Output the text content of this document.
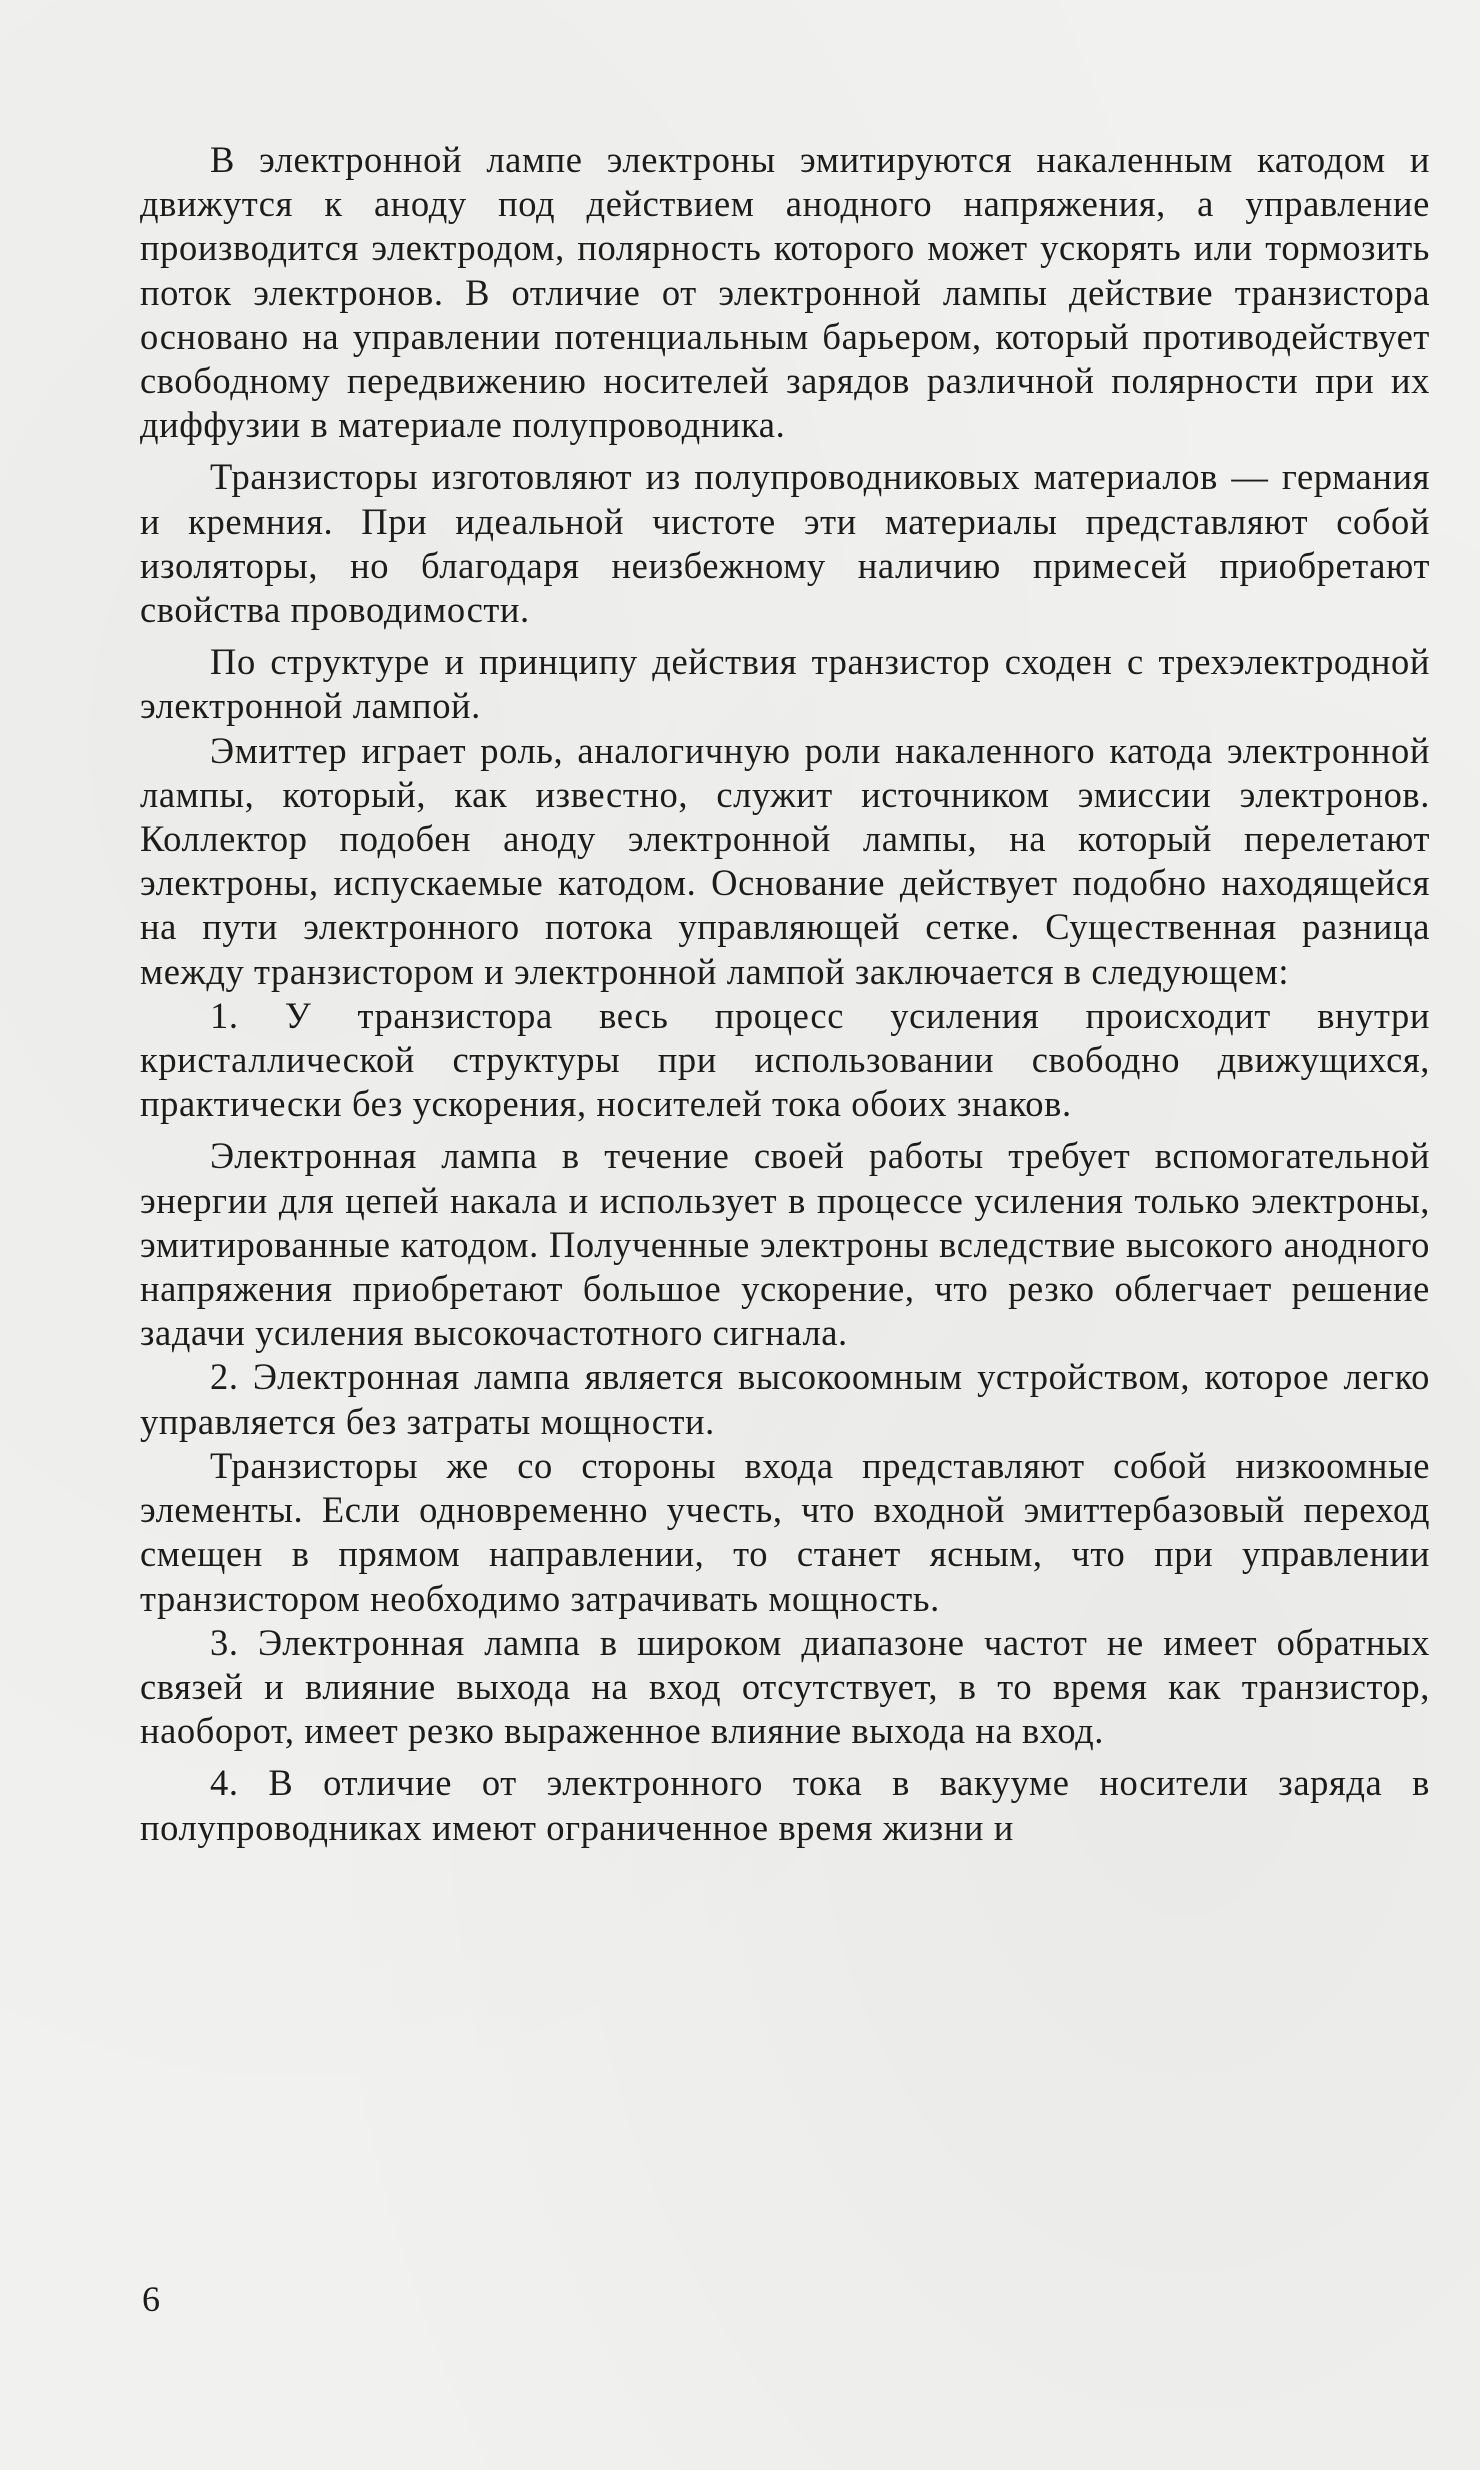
В электронной лампе электроны эмитируются накаленным катодом и движутся к аноду под действием анодного напряжения, а управление производится электродом, полярность которого может ускорять или тормозить поток электронов. В отличие от электронной лампы действие транзистора основано на управлении потенциальным барьером, который противодействует свободному передвижению носителей зарядов различной полярности при их диффузии в материале полупроводника.

Транзисторы изготовляют из полупроводниковых материалов — германия и кремния. При идеальной чистоте эти материалы представляют собой изоляторы, но благодаря неизбежному наличию примесей приобретают свойства проводимости.

По структуре и принципу действия транзистор сходен с трехэлектродной электронной лампой.

Эмиттер играет роль, аналогичную роли накаленного катода электронной лампы, который, как известно, служит источником эмиссии электронов. Коллектор подобен аноду электронной лампы, на который перелетают электроны, испускаемые катодом. Основание действует подобно находящейся на пути электронного потока управляющей сетке. Существенная разница между транзистором и электронной лампой заключается в следующем:

1. У транзистора весь процесс усиления происходит внутри кристаллической структуры при использовании свободно движущихся, практически без ускорения, носителей тока обоих знаков.

Электронная лампа в течение своей работы требует вспомогательной энергии для цепей накала и использует в процессе усиления только электроны, эмитированные катодом. Полученные электроны вследствие высокого анодного напряжения приобретают большое ускорение, что резко облегчает решение задачи усиления высокочастотного сигнала.

2. Электронная лампа является высокоомным устройством, которое легко управляется без затраты мощности.

Транзисторы же со стороны входа представляют собой низкоомные элементы. Если одновременно учесть, что входной эмиттербазовый переход смещен в прямом направлении, то станет ясным, что при управлении транзистором необходимо затрачивать мощность.

3. Электронная лампа в широком диапазоне частот не имеет обратных связей и влияние выхода на вход отсутствует, в то время как транзистор, наоборот, имеет резко выраженное влияние выхода на вход.

4. В отличие от электронного тока в вакууме носители заряда в полупроводниках имеют ограниченное время жизни и

6
